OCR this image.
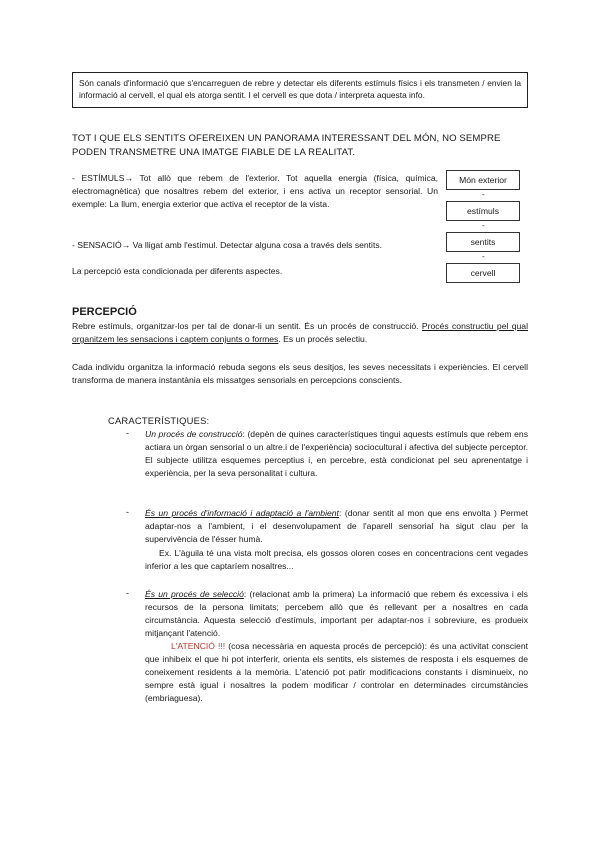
Són canals d'informació que s'encarreguen de rebre y detectar els diferents estímuls físics i els transmeten / envien la informació al cervell, el qual els atorga sentit. I el cervell es que dota / interpreta aquesta info.
TOT I QUE ELS SENTITS OFEREIXEN UN PANORAMA INTERESSANT DEL MÓN, NO SEMPRE PODEN TRANSMETRE UNA IMATGE FIABLE DE LA REALITAT.
- ESTÍMULS→ Tot allò que rebem de l'exterior. Tot aquella energia (física, química, electromagnètica) que nosaltres rebem del exterior, i ens activa un receptor sensorial. Un exemple: La llum, energia exterior que activa el receptor de la vista.
- SENSACIÓ→ Va lligat amb l'estímul. Detectar alguna cosa a través dels sentits.
La percepció esta condicionada per diferents aspectes.
Món exterior
-
estímuls
-
sentits
-
cervell
PERCEPCIÓ
Rebre estímuls, organitzar-los per tal de donar-li un sentit. És un procés de construcció. Procés constructiu pel qual organitzem les sensacions i captem conjunts o formes. Es un procés selectiu.
Cada individu organitza la informació rebuda segons els seus desitjos, les seves necessitats i experiències. El cervell transforma de manera instantània els missatges sensorials en percepcions conscients.
CARACTERÍSTIQUES:
- Un procés de construcció: (depèn de quines característiques tingui aquests estímuls que rebem ens actiara un òrgan sensorial o un altre.i de l'experiència) sociocultural i afectiva del subjecte perceptor. El subjecte utilitza esquemes perceptius i, en percebre, està condicionat pel seu aprenentatge i experiència, per la seva personalitat i cultura.
- És un procés d'informació i adaptació a l'ambient: (donar sentit al mon que ens envolta ) Permet adaptar-nos a l'ambient, i el desenvolupament de l'aparell sensorial ha sigut clau per la supervivència de l'ésser humà.
Ex. L'àguila té una vista molt precisa, els gossos oloren coses en concentracions cent vegades inferior a les que captaríem nosaltres...
- És un procés de selecció: (relacionat amb la primera) La informació que rebem és excessiva i els recursos de la persona limitats; percebem allò que és rellevant per a nosaltres en cada circumstància. Aquesta selecció d'estímuls, important per adaptar-nos i sobreviure, es produeix mitjançant l'atenció.
L'ATENCIÓ !!! (cosa necessària en aquesta procés de percepció): és una activitat conscient que inhibeix el que hi pot interferir, orienta els sentits, els sistemes de resposta i els esquemes de coneixement residents a la memòria. L'atenció pot patir modificacions constants i disminueix, no sempre està igual i nosaltres la podem modificar / controlar en determinades circumstàncies (embriaguesa).
